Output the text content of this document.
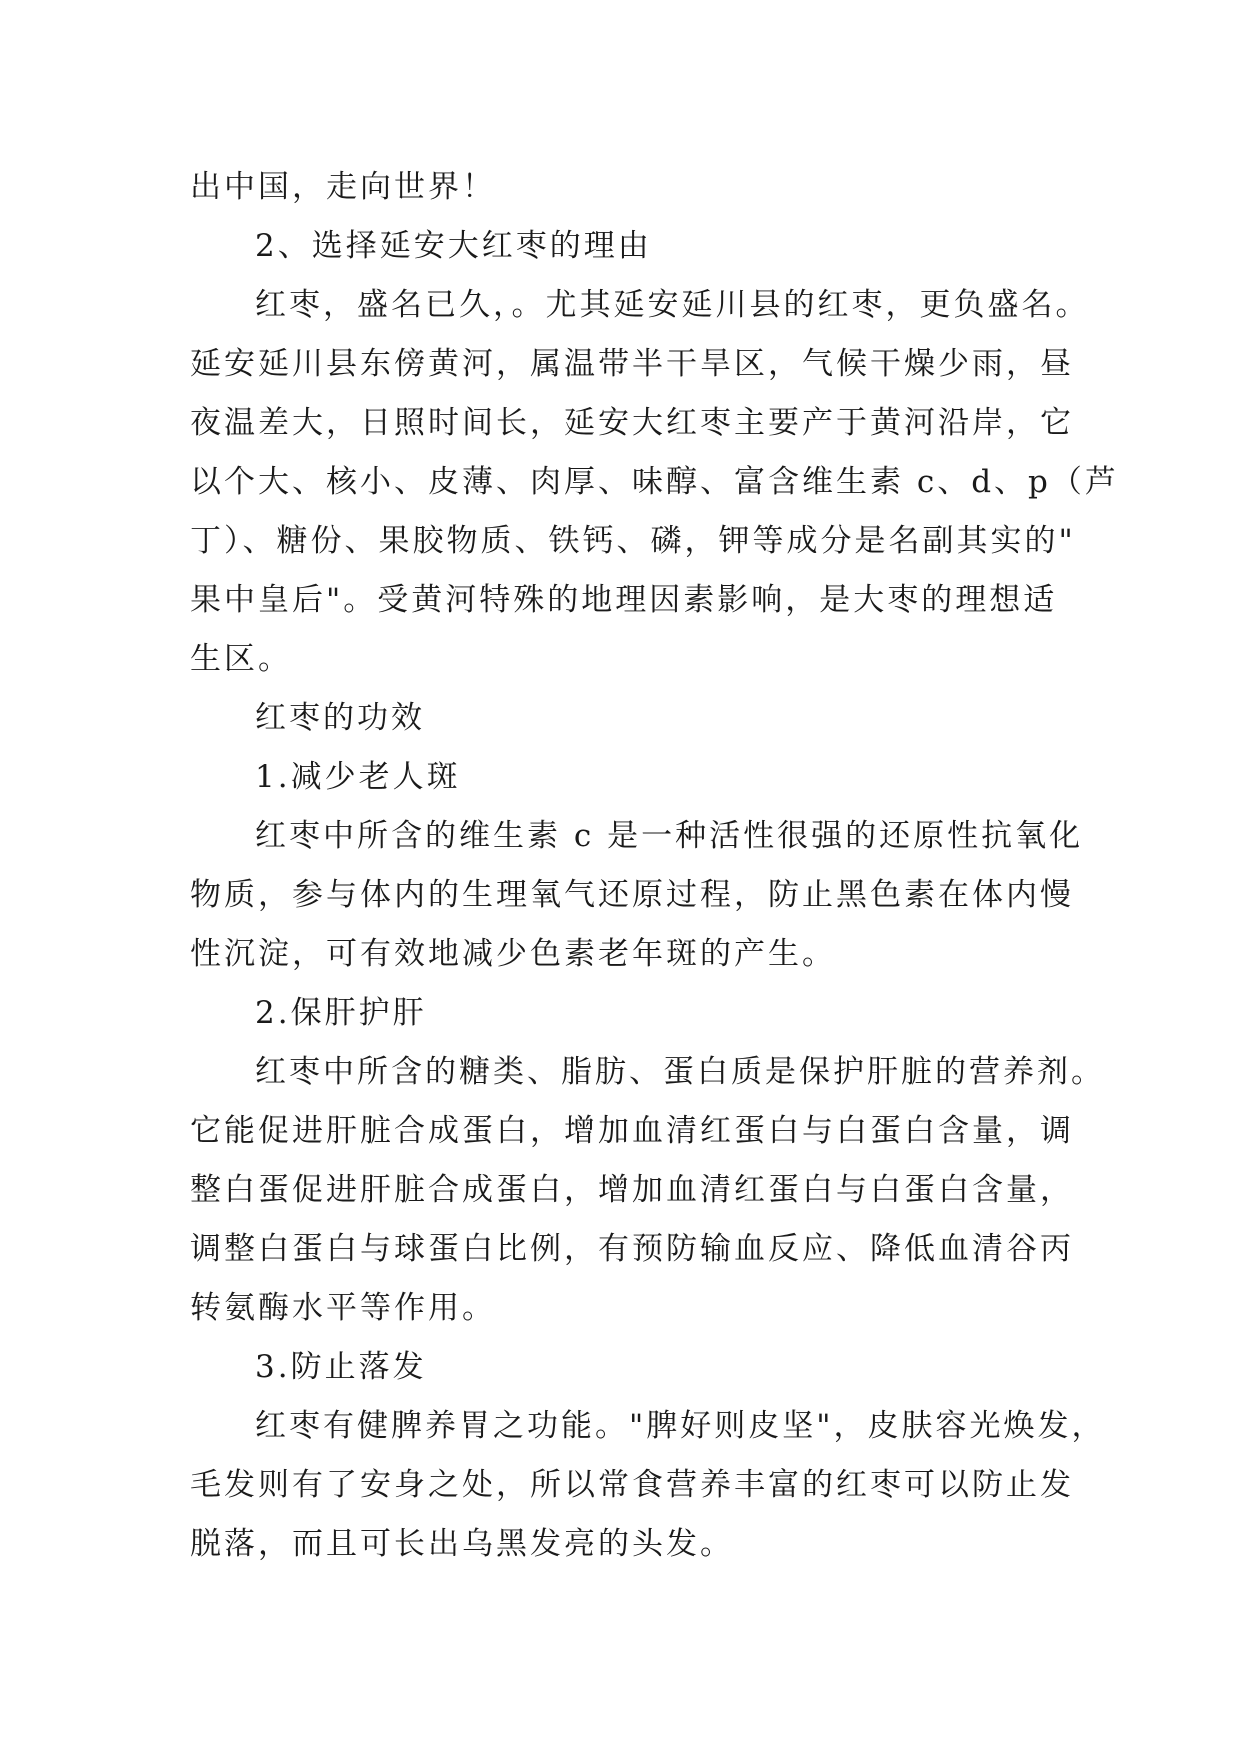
出中国，走向世界！
2、选择延安大红枣的理由
红枣，盛名已久，。尤其延安延川县的红枣，更负盛名。
延安延川县东傍黄河，属温带半干旱区，气候干燥少雨，昼
夜温差大，日照时间长，延安大红枣主要产于黄河沿岸，它
以个大、核小、皮薄、肉厚、味醇、富含维生素 c、d、p（芦
丁）、糖份、果胶物质、铁钙、磷，钾等成分是名副其实的"
果中皇后"。受黄河特殊的地理因素影响，是大枣的理想适
生区。
红枣的功效
1.减少老人斑
红枣中所含的维生素 c 是一种活性很强的还原性抗氧化
物质，参与体内的生理氧气还原过程，防止黑色素在体内慢
性沉淀，可有效地减少色素老年斑的产生。
2.保肝护肝
红枣中所含的糖类、脂肪、蛋白质是保护肝脏的营养剂。
它能促进肝脏合成蛋白，增加血清红蛋白与白蛋白含量，调
整白蛋促进肝脏合成蛋白，增加血清红蛋白与白蛋白含量，
调整白蛋白与球蛋白比例，有预防输血反应、降低血清谷丙
转氨酶水平等作用。
3.防止落发
红枣有健脾养胃之功能。"脾好则皮坚"，皮肤容光焕发，
毛发则有了安身之处，所以常食营养丰富的红枣可以防止发
脱落，而且可长出乌黑发亮的头发。
